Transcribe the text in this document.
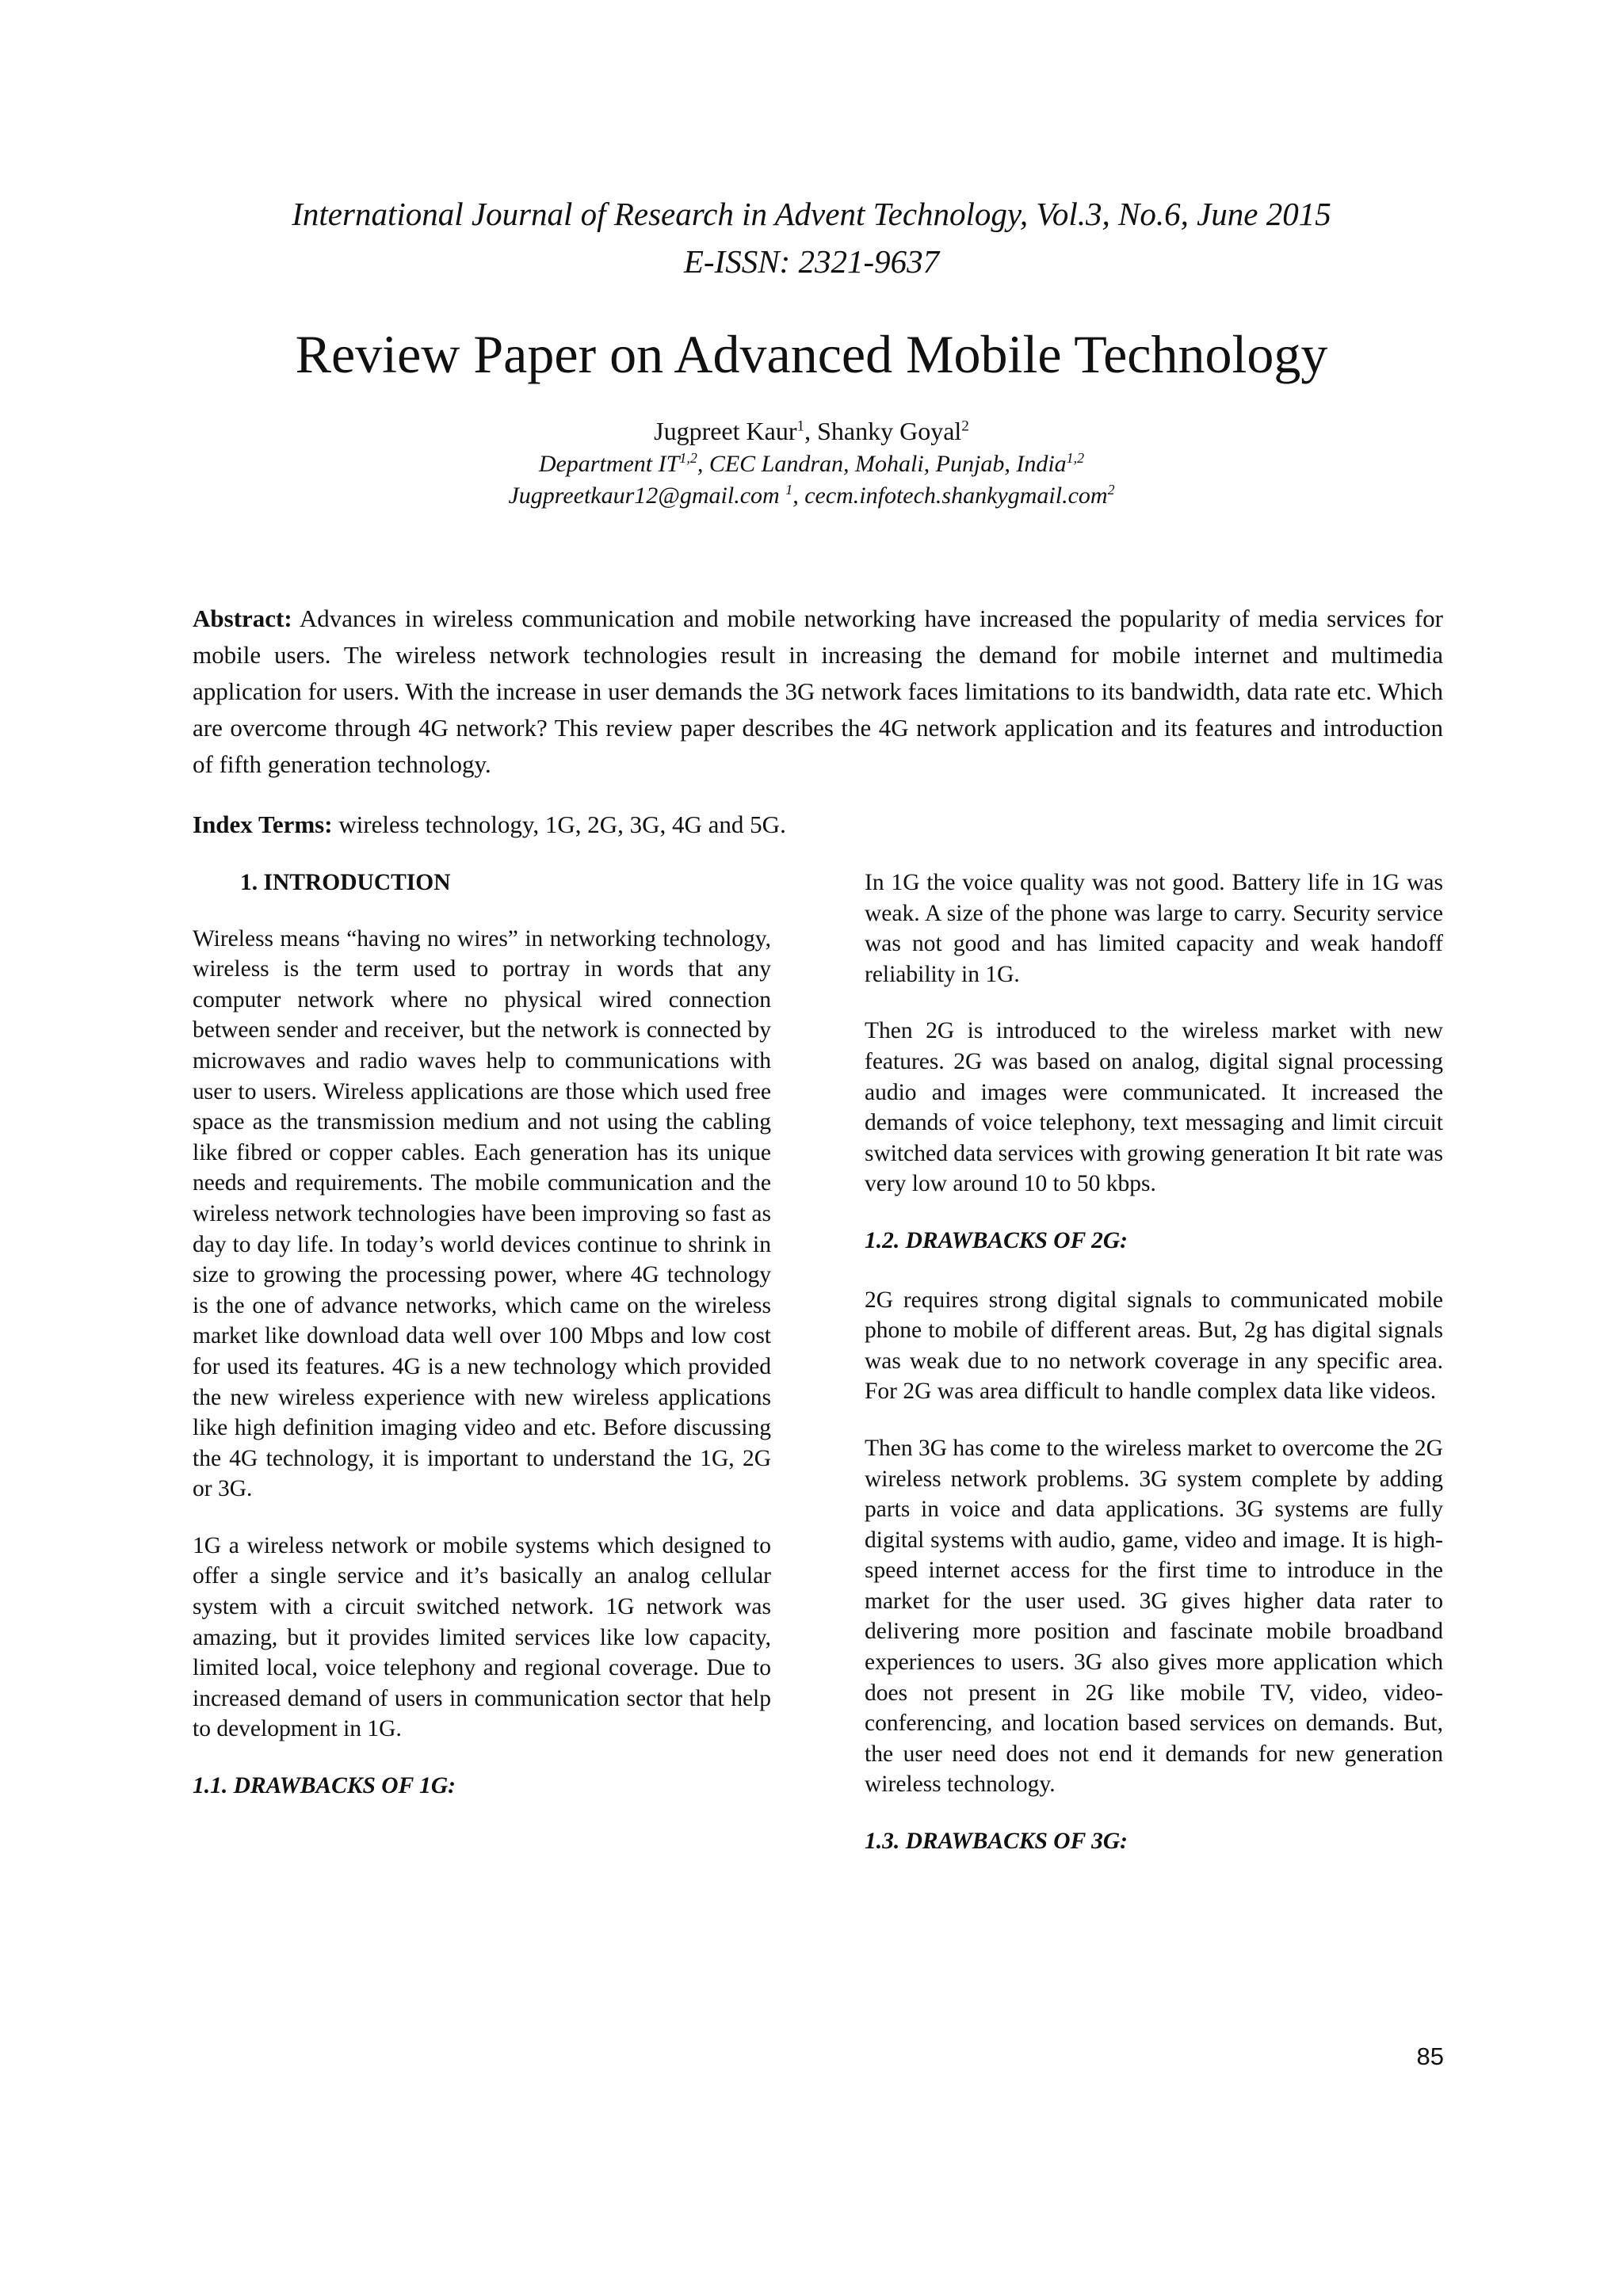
International Journal of Research in Advent Technology, Vol.3, No.6, June 2015
E-ISSN: 2321-9637
Review Paper on Advanced Mobile Technology
Jugpreet Kaur$^1$, Shanky Goyal$^2$
Department IT$^{1,2}$, CEC Landran, Mohali, Punjab, India$^{1,2}$
Jugpreetkaur12@gmail.com $^1$, cecm.infotech.shankygmail.com$^2$
Abstract: Advances in wireless communication and mobile networking have increased the popularity of media services for mobile users. The wireless network technologies result in increasing the demand for mobile internet and multimedia application for users. With the increase in user demands the 3G network faces limitations to its bandwidth, data rate etc. Which are overcome through 4G network? This review paper describes the 4G network application and its features and introduction of fifth generation technology.
Index Terms: wireless technology, 1G, 2G, 3G, 4G and 5G.
1. INTRODUCTION

Wireless means “having no wires” in networking technology, wireless is the term used to portray in words that any computer network where no physical wired connection between sender and receiver, but the network is connected by microwaves and radio waves help to communications with user to users. Wireless applications are those which used free space as the transmission medium and not using the cabling like fibred or copper cables. Each generation has its unique needs and requirements. The mobile communication and the wireless network technologies have been improving so fast as day to day life. In today’s world devices continue to shrink in size to growing the processing power, where 4G technology is the one of advance networks, which came on the wireless market like download data well over 100 Mbps and low cost for used its features. 4G is a new technology which provided the new wireless experience with new wireless applications like high definition imaging video and etc. Before discussing the 4G technology, it is important to understand the 1G, 2G or 3G.

1G a wireless network or mobile systems which designed to offer a single service and it’s basically an analog cellular system with a circuit switched network. 1G network was amazing, but it provides limited services like low capacity, limited local, voice telephony and regional coverage. Due to increased demand of users in communication sector that help to development in 1G.

1.1. DRAWBACKS OF 1G:

In 1G the voice quality was not good. Battery life in 1G was weak. A size of the phone was large to carry. Security service was not good and has limited capacity and weak handoff reliability in 1G.

Then 2G is introduced to the wireless market with new features. 2G was based on analog, digital signal processing audio and images were communicated. It increased the demands of voice telephony, text messaging and limit circuit switched data services with growing generation It bit rate was very low around 10 to 50 kbps.

1.2. DRAWBACKS OF 2G:

2G requires strong digital signals to communicated mobile phone to mobile of different areas. But, 2g has digital signals was weak due to no network coverage in any specific area. For 2G was area difficult to handle complex data like videos.

Then 3G has come to the wireless market to overcome the 2G wireless network problems. 3G system complete by adding parts in voice and data applications. 3G systems are fully digital systems with audio, game, video and image. It is high-speed internet access for the first time to introduce in the market for the user used. 3G gives higher data rater to delivering more position and fascinate mobile broadband experiences to users. 3G also gives more application which does not present in 2G like mobile TV, video, video-conferencing, and location based services on demands. But, the user need does not end it demands for new generation wireless technology.

1.3. DRAWBACKS OF 3G:
85
